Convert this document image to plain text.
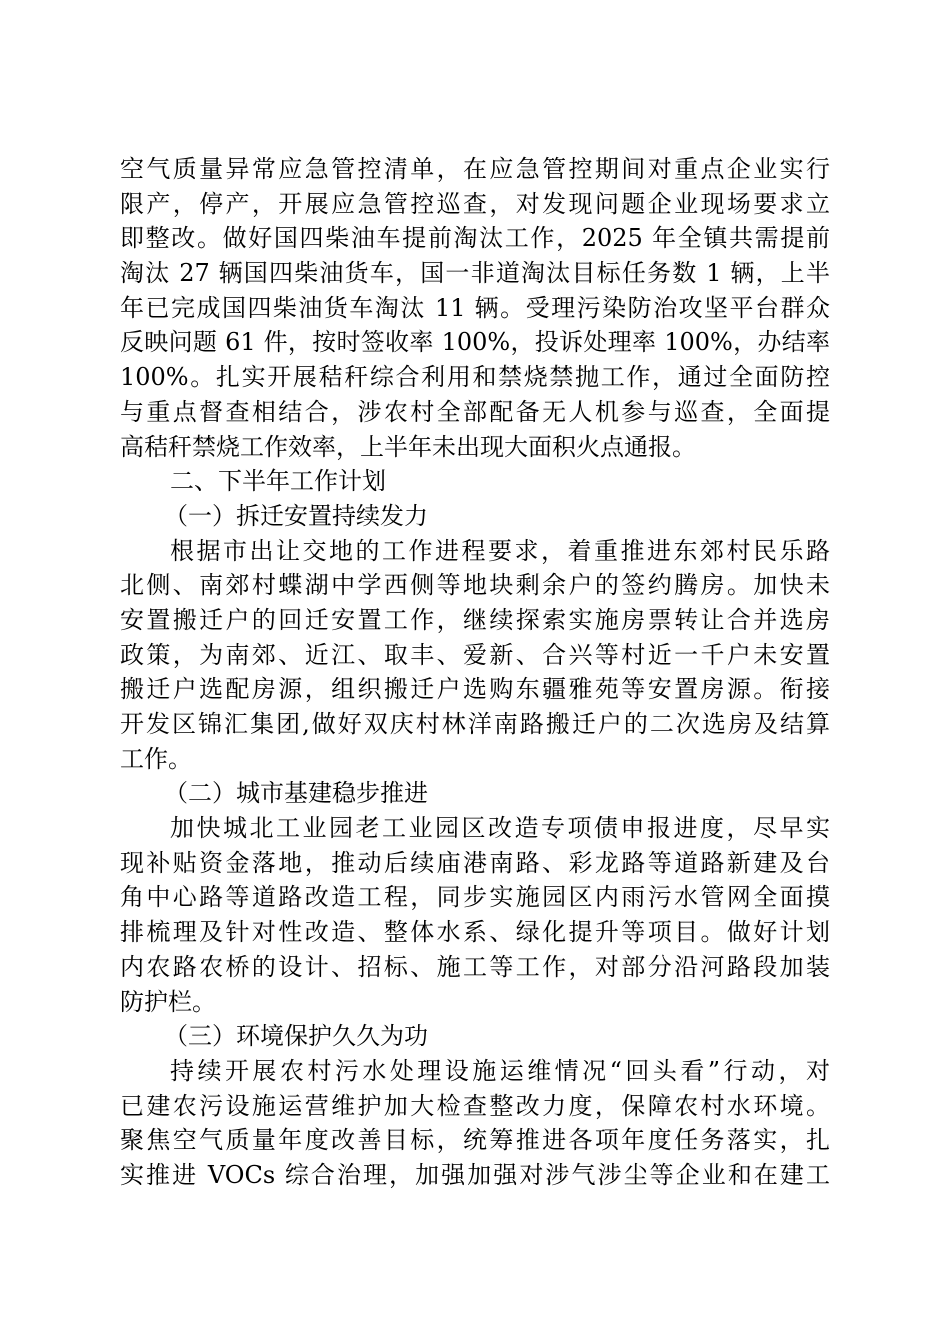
空气质量异常应急管控清单，在应急管控期间对重点企业实行
限产，停产，开展应急管控巡查，对发现问题企业现场要求立
即整改。做好国四柴油车提前淘汰工作，2025 年全镇共需提前
淘汰 27 辆国四柴油货车，国一非道淘汰目标任务数 1 辆，上半
年已完成国四柴油货车淘汰 11 辆。受理污染防治攻坚平台群众
反映问题 61 件，按时签收率 100%，投诉处理率 100%，办结率
100%。扎实开展秸秆综合利用和禁烧禁抛工作，通过全面防控
与重点督查相结合，涉农村全部配备无人机参与巡查，全面提
高秸秆禁烧工作效率，上半年未出现大面积火点通报。
二、下半年工作计划
（一）拆迁安置持续发力
根据市出让交地的工作进程要求，着重推进东郊村民乐路
北侧、南郊村蝶湖中学西侧等地块剩余户的签约腾房。加快未
安置搬迁户的回迁安置工作，继续探索实施房票转让合并选房
政策，为南郊、近江、取丰、爱新、合兴等村近一千户未安置
搬迁户选配房源，组织搬迁户选购东疆雅苑等安置房源。衔接
开发区锦汇集团,做好双庆村林洋南路搬迁户的二次选房及结算
工作。
（二）城市基建稳步推进
加快城北工业园老工业园区改造专项债申报进度，尽早实
现补贴资金落地，推动后续庙港南路、彩龙路等道路新建及台
角中心路等道路改造工程，同步实施园区内雨污水管网全面摸
排梳理及针对性改造、整体水系、绿化提升等项目。做好计划
内农路农桥的设计、招标、施工等工作，对部分沿河路段加装
防护栏。
（三）环境保护久久为功
持续开展农村污水处理设施运维情况“回头看”行动，对
已建农污设施运营维护加大检查整改力度，保障农村水环境。
聚焦空气质量年度改善目标，统筹推进各项年度任务落实，扎
实推进 VOCs 综合治理，加强加强对涉气涉尘等企业和在建工
